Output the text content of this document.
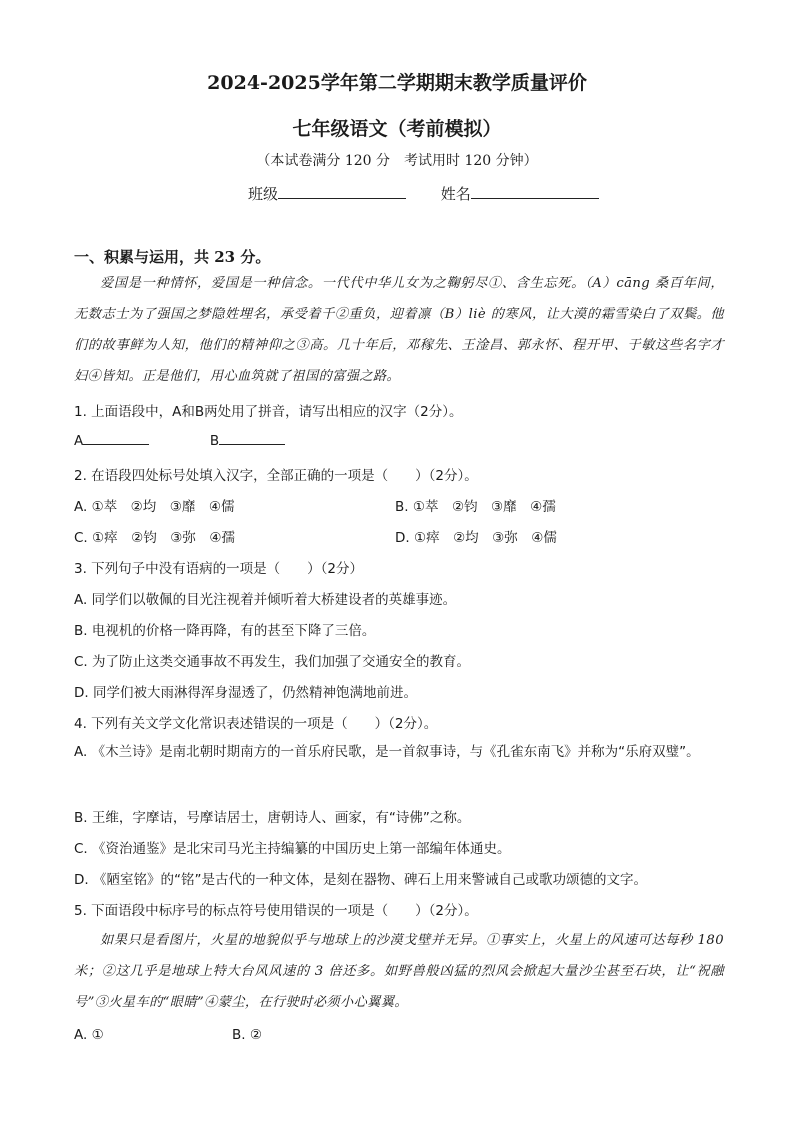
2024-2025学年第二学期期末教学质量评价
七年级语文（考前模拟）
（本试卷满分 120 分　考试用时 120 分钟）
班级	姓名
一、积累与运用，共 23 分。
爱国是一种情怀，爱国是一种信念。一代代中华儿女为之鞠躬尽①、含生忘死。（A）cāng 桑百年间，无数志士为了强国之梦隐姓埋名，承受着千②重负，迎着凛（B）liè 的寒风，让大漠的霜雪染白了双鬓。他们的故事鲜为人知，他们的精神仰之③高。几十年后，邓稼先、王淦昌、郭永怀、程开甲、于敏这些名字才妇④皆知。正是他们，用心血筑就了祖国的富强之路。
1. 上面语段中，A和B两处用了拼音，请写出相应的汉字（2分）。
A	B
2. 在语段四处标号处填入汉字，全部正确的一项是（　　）（2分）。
A. ①萃　②均　③靡　④儒	B. ①萃　②钧　③靡　④孺
C. ①瘁　②钧　③弥　④孺	D. ①瘁　②均　③弥　④儒
3. 下列句子中没有语病的一项是（　　）（2分）
A. 同学们以敬佩的目光注视着并倾听着大桥建设者的英雄事迹。
B. 电视机的价格一降再降，有的甚至下降了三倍。
C. 为了防止这类交通事故不再发生，我们加强了交通安全的教育。
D. 同学们被大雨淋得浑身湿透了，仍然精神饱满地前进。
4. 下列有关文学文化常识表述错误的一项是（　　）（2分）。
A. 《木兰诗》是南北朝时期南方的一首乐府民歌，是一首叙事诗，与《孔雀东南飞》并称为“乐府双璧”。
B. 王维，字摩诘，号摩诘居士，唐朝诗人、画家，有“诗佛”之称。
C. 《资治通鉴》是北宋司马光主持编纂的中国历史上第一部编年体通史。
D. 《陋室铭》的“铭”是古代的一种文体，是刻在器物、碑石上用来警诫自己或歌功颂德的文字。
5. 下面语段中标序号的标点符号使用错误的一项是（　　）（2分）。
如果只是看图片，火星的地貌似乎与地球上的沙漠戈壁并无异。①事实上，火星上的风速可达每秒 180 米；②这几乎是地球上特大台风风速的 3 倍还多。如野兽般凶猛的烈风会掀起大量沙尘甚至石块，让“祝融号”③火星车的“眼睛”④蒙尘，在行驶时必须小心翼翼。
A. ①	B. ②
